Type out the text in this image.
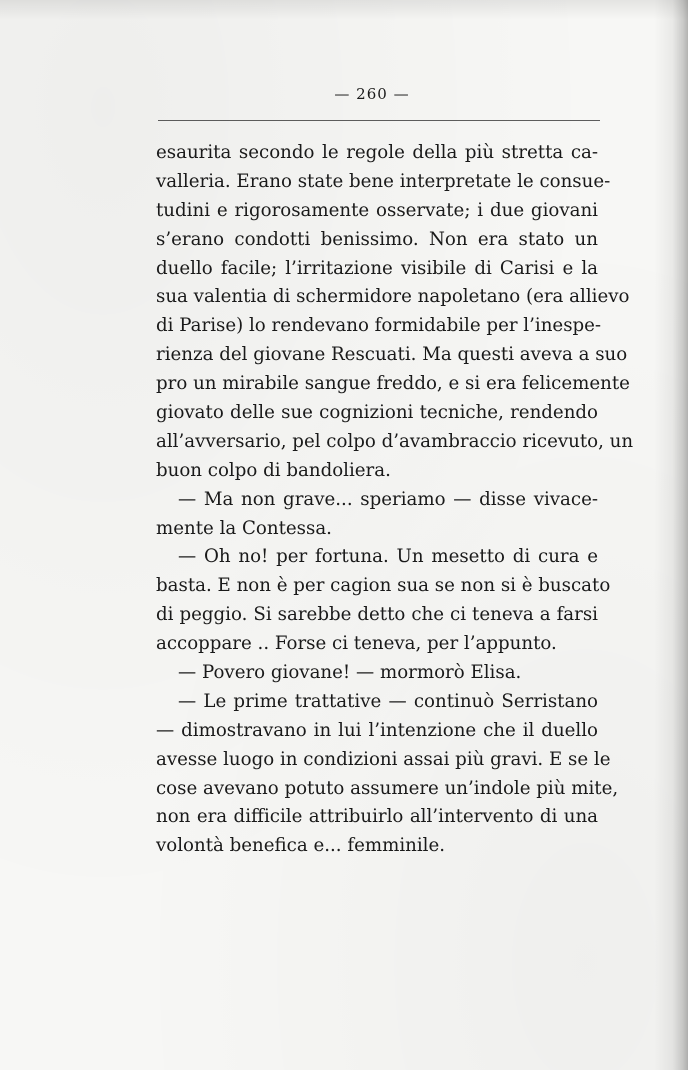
— 260 —
esaurita secondo le regole della più stretta ca-
valleria. Erano state bene interpretate le consue-
tudini e rigorosamente osservate; i due giovani
s’erano condotti benissimo. Non era stato un
duello facile; l’irritazione visibile di Carisi e la
sua valentia di schermidore napoletano (era allievo
di Parise) lo rendevano formidabile per l’inespe-
rienza del giovane Rescuati. Ma questi aveva a suo
pro un mirabile sangue freddo, e si era felicemente
giovato delle sue cognizioni tecniche, rendendo
all’avversario, pel colpo d’avambraccio ricevuto, un
buon colpo di bandoliera.
— Ma non grave... speriamo — disse vivace-
mente la Contessa.
— Oh no! per fortuna. Un mesetto di cura e
basta. E non è per cagion sua se non si è buscato
di peggio. Si sarebbe detto che ci teneva a farsi
accoppare .. Forse ci teneva, per l’appunto.
— Povero giovane! — mormorò Elisa.
— Le prime trattative — continuò Serristano
— dimostravano in lui l’intenzione che il duello
avesse luogo in condizioni assai più gravi. E se le
cose avevano potuto assumere un’indole più mite,
non era difficile attribuirlo all’intervento di una
volontà benefica e... femminile.
